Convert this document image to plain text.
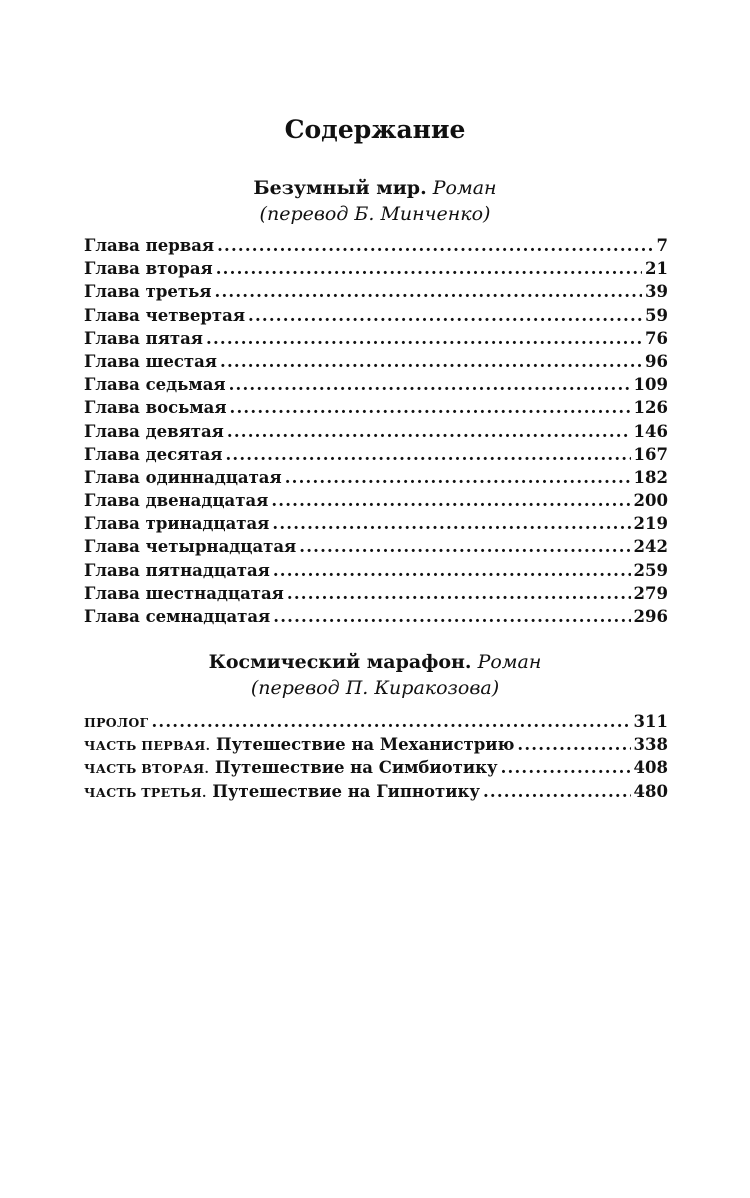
Содержание
Безумный мир. Роман
(перевод Б. Минченко)
Глава первая .....	7
Глава вторая .....	21
Глава третья .....	39
Глава четвертая .....	59
Глава пятая .....	76
Глава шестая .....	96
Глава седьмая .....	109
Глава восьмая .....	126
Глава девятая .....	146
Глава десятая .....	167
Глава одиннадцатая .....	182
Глава двенадцатая .....	200
Глава тринадцатая .....	219
Глава четырнадцатая .....	242
Глава пятнадцатая .....	259
Глава шестнадцатая .....	279
Глава семнадцатая .....	296
Космический марафон. Роман
(перевод П. Киракозова)
ПРОЛОГ .....	311
ЧАСТЬ ПЕРВАЯ. Путешествие на Механистрию .....	338
ЧАСТЬ ВТОРАЯ. Путешествие на Симбиотику .....	408
ЧАСТЬ ТРЕТЬЯ. Путешествие на Гипнотику .....	480
